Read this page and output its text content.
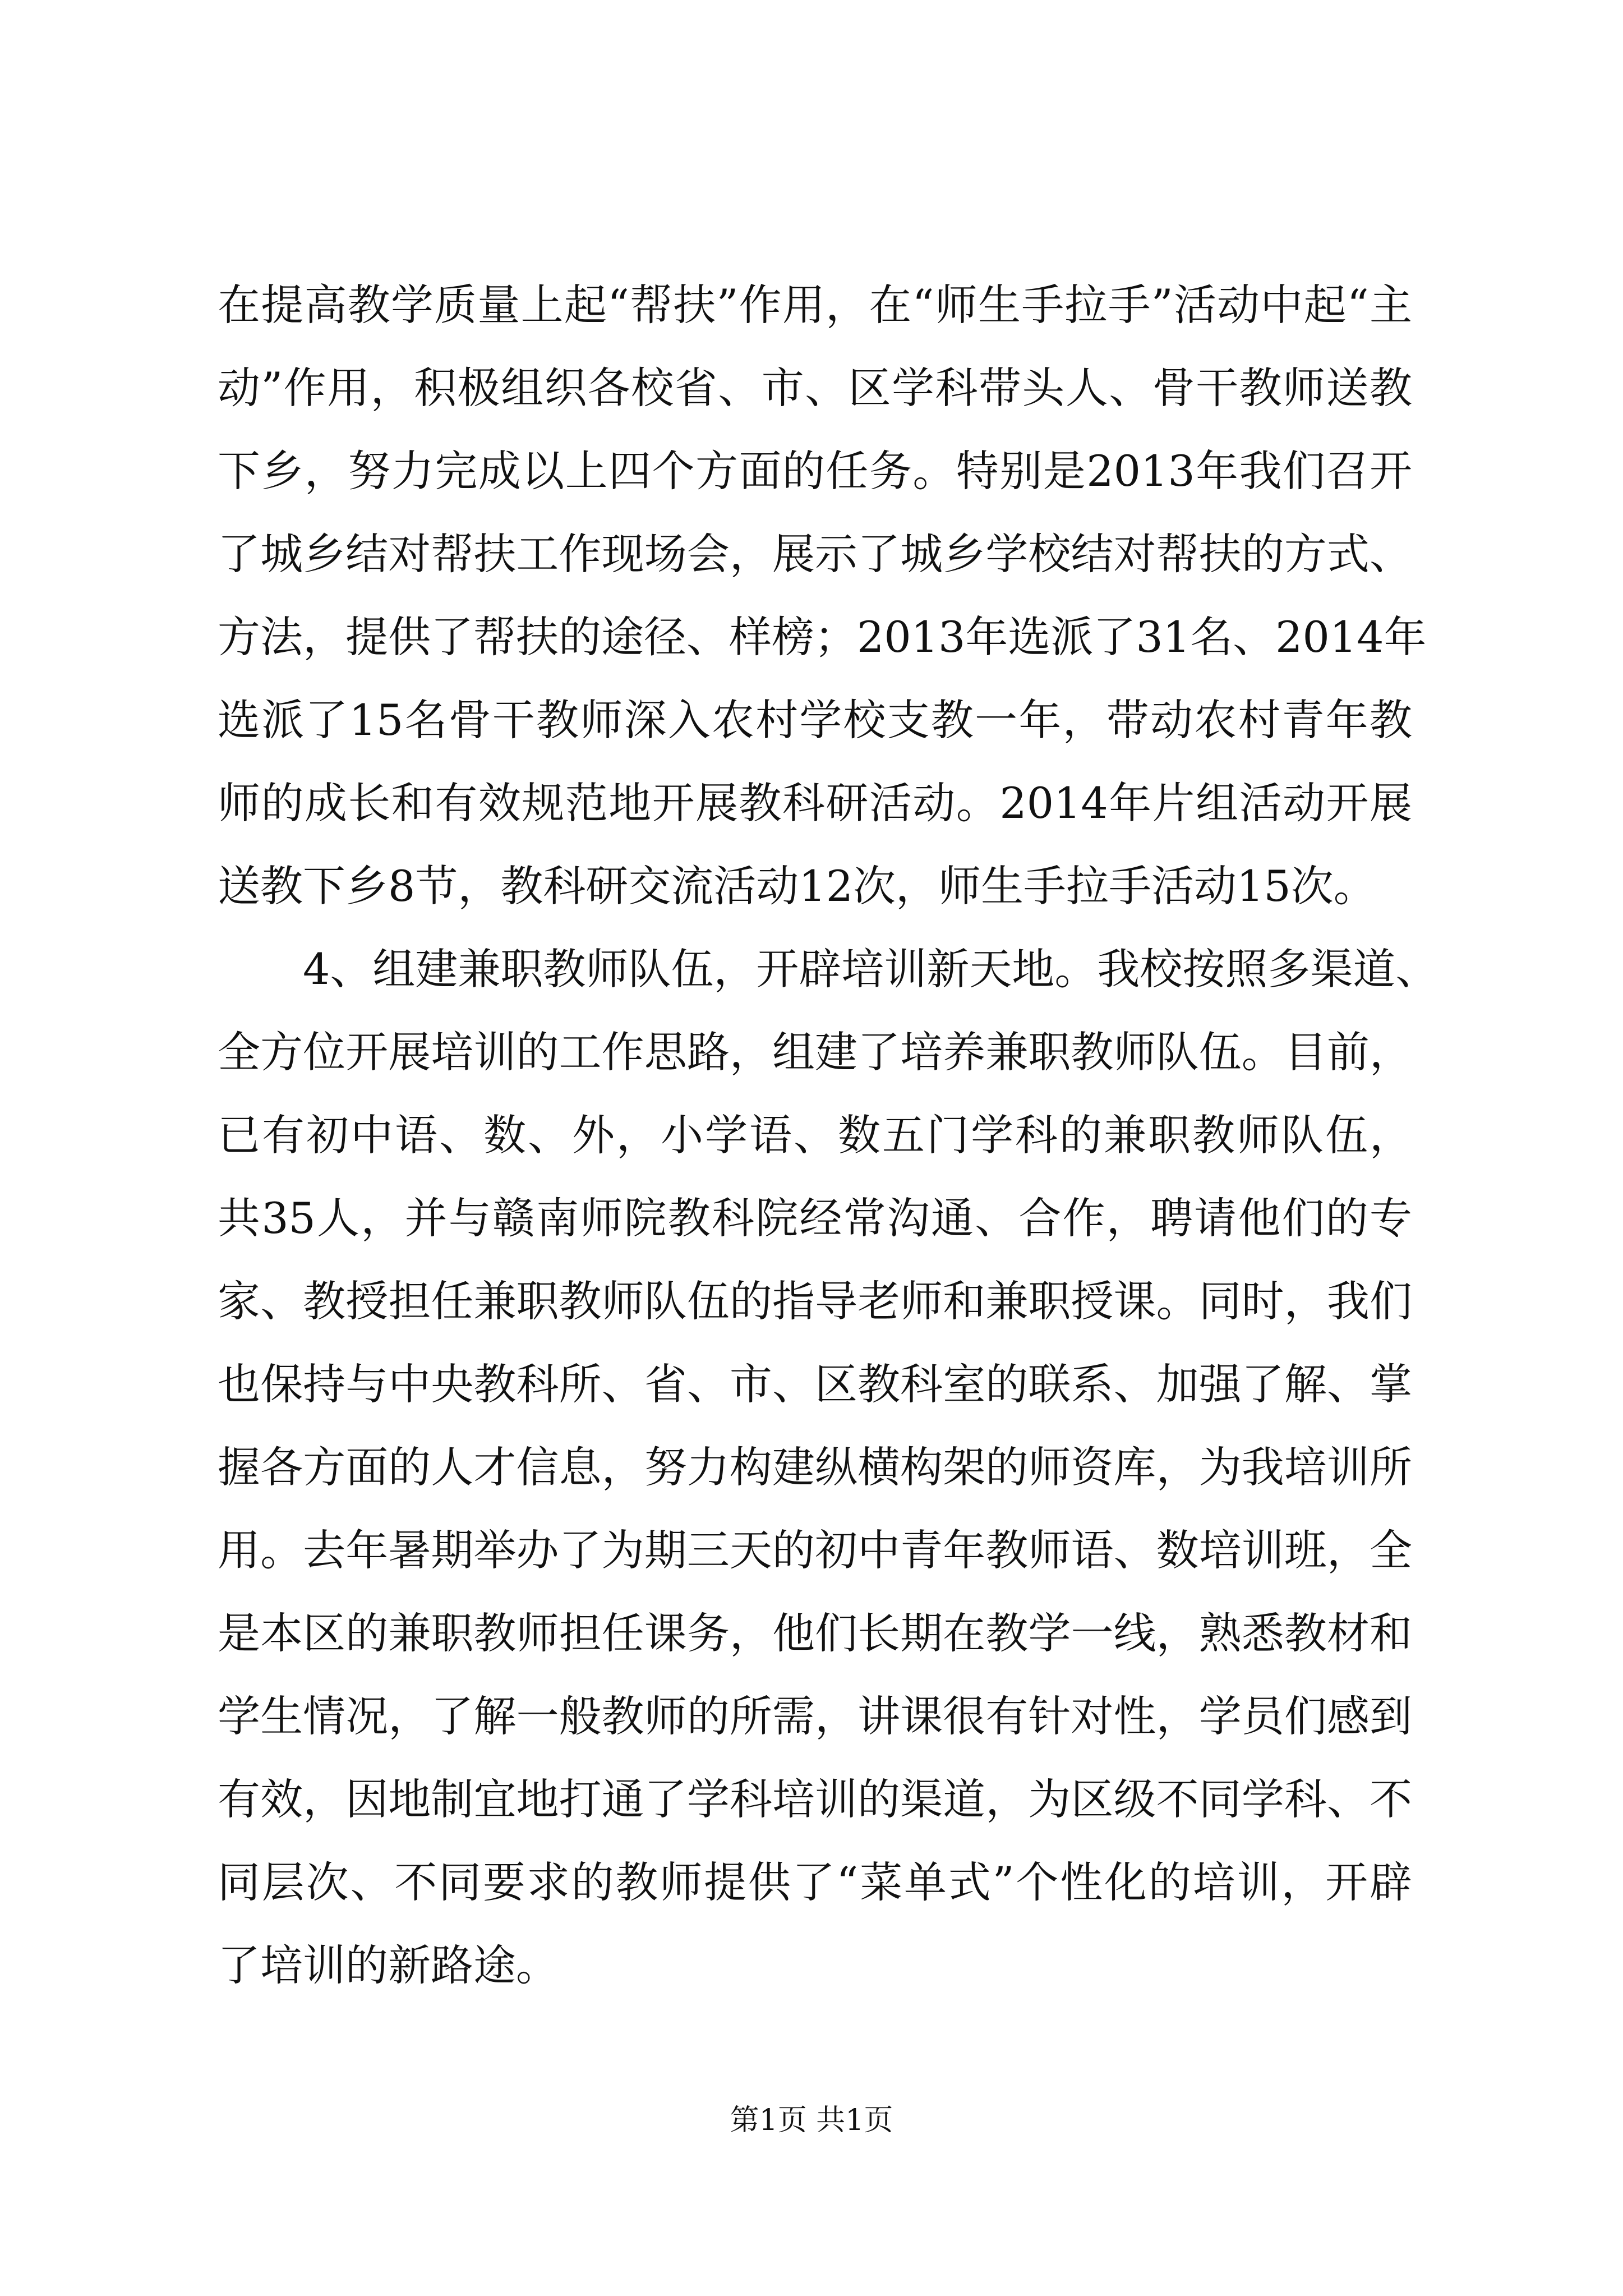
在提高教学质量上起“帮扶”作用，在“师生手拉手”活动中起“主
动”作用，积极组织各校省、市、区学科带头人、骨干教师送教
下乡，努力完成以上四个方面的任务。特别是2013年我们召开
了城乡结对帮扶工作现场会，展示了城乡学校结对帮扶的方式、
方法，提供了帮扶的途径、样榜；2013年选派了31名、2014年
选派了15名骨干教师深入农村学校支教一年，带动农村青年教
师的成长和有效规范地开展教科研活动。2014年片组活动开展
送教下乡8节，教科研交流活动12次，师生手拉手活动15次。
4、组建兼职教师队伍，开辟培训新天地。我校按照多渠道、
全方位开展培训的工作思路，组建了培养兼职教师队伍。目前，
已有初中语、数、外，小学语、数五门学科的兼职教师队伍，
共35人，并与赣南师院教科院经常沟通、合作，聘请他们的专
家、教授担任兼职教师队伍的指导老师和兼职授课。同时，我们
也保持与中央教科所、省、市、区教科室的联系、加强了解、掌
握各方面的人才信息，努力构建纵横构架的师资库，为我培训所
用。去年暑期举办了为期三天的初中青年教师语、数培训班，全
是本区的兼职教师担任课务，他们长期在教学一线，熟悉教材和
学生情况，了解一般教师的所需，讲课很有针对性，学员们感到
有效，因地制宜地打通了学科培训的渠道，为区级不同学科、不
同层次、不同要求的教师提供了“菜单式”个性化的培训，开辟
了培训的新路途。
第1页 共1页
